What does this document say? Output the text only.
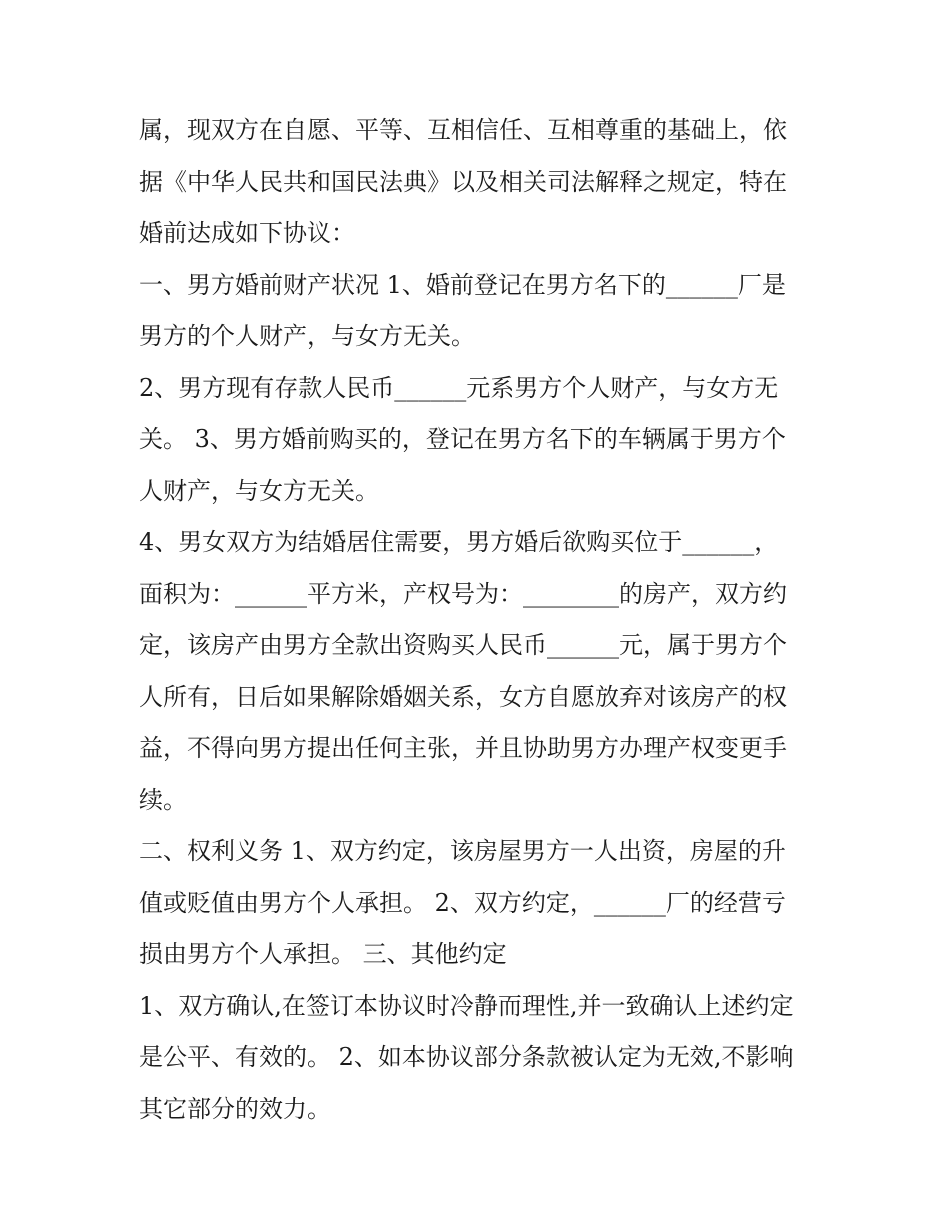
属，现双方在自愿、平等、互相信任、互相尊重的基础上，依
据《中华人民共和国民法典》以及相关司法解释之规定，特在
婚前达成如下协议：
一、男方婚前财产状况 1、婚前登记在男方名下的______厂是
男方的个人财产，与女方无关。
2、男方现有存款人民币______元系男方个人财产，与女方无
关。 3、男方婚前购买的，登记在男方名下的车辆属于男方个
人财产，与女方无关。
4、男女双方为结婚居住需要，男方婚后欲购买位于______，
面积为：______平方米，产权号为：________的房产，双方约
定，该房产由男方全款出资购买人民币______元，属于男方个
人所有，日后如果解除婚姻关系，女方自愿放弃对该房产的权
益，不得向男方提出任何主张，并且协助男方办理产权变更手
续。
二、权利义务 1、双方约定，该房屋男方一人出资，房屋的升
值或贬值由男方个人承担。 2、双方约定，______厂的经营亏
损由男方个人承担。 三、其他约定
1、双方确认,在签订本协议时冷静而理性,并一致确认上述约定
是公平、有效的。 2、如本协议部分条款被认定为无效,不影响
其它部分的效力。
